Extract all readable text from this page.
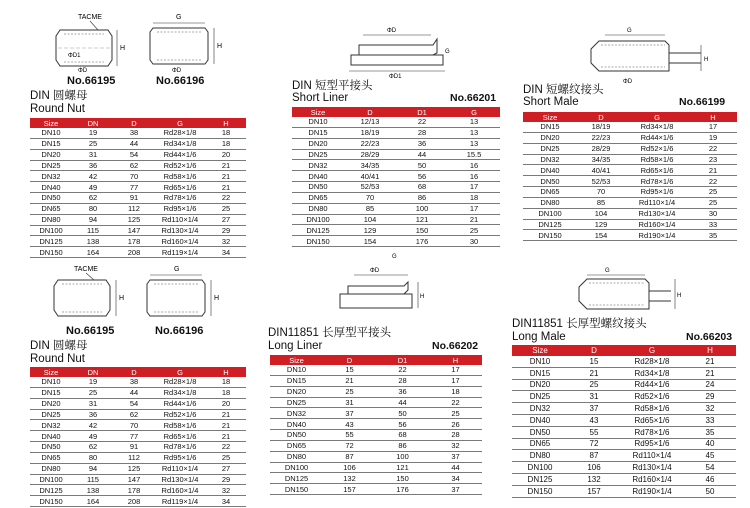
TACME
ΦD1
ΦD
H
G
H
ΦD
No.66195	No.66196
DIN 圆螺母
Round Nut
Size	DN	D	G	H
DN10	19	38	Rd28×1/8	18
DN15	25	44	Rd34×1/8	18
DN20	31	54	Rd44×1/6	20
DN25	36	62	Rd52×1/6	21
DN32	42	70	Rd58×1/6	21
DN40	49	77	Rd65×1/6	21
DN50	62	91	Rd78×1/6	22
DN65	80	112	Rd95×1/6	25
DN80	94	125	Rd110×1/4	27
DN100	115	147	Rd130×1/4	29
DN125	138	178	Rd160×1/4	32
DN150	164	208	Rd119×1/4	34
ΦD
ΦD1
G
DIN 短型平接头
Short Liner	No.66201
Size	D	D1	G
DN10	12/13	22	13
DN15	18/19	28	13
DN20	22/23	36	13
DN25	28/29	44	15.5
DN32	34/35	50	16
DN40	40/41	56	16
DN50	52/53	68	17
DN65	70	86	18
DN80	85	100	17
DN100	104	121	21
DN125	129	150	25
DN150	154	176	30
G
H
ΦD
DIN 短螺纹接头
Short Male	No.66199
Size	D	G	H
DN15	18/19	Rd34×1/8	17
DN20	22/23	Rd44×1/6	19
DN25	28/29	Rd52×1/6	22
DN32	34/35	Rd58×1/6	23
DN40	40/41	Rd65×1/6	21
DN50	52/53	Rd78×1/6	22
DN65	70	Rd95×1/6	25
DN80	85	Rd110×1/4	25
DN100	104	Rd130×1/4	30
DN125	129	Rd160×1/4	33
DN150	154	Rd190×1/4	35
TACME
H
G
H
No.66195	No.66196
DIN 圆螺母
Round Nut
Size	DN	D	G	H
DN10	19	38	Rd28×1/8	18
DN15	25	44	Rd34×1/8	18
DN20	31	54	Rd44×1/6	20
DN25	36	62	Rd52×1/6	21
DN32	42	70	Rd58×1/6	21
DN40	49	77	Rd65×1/6	21
DN50	62	91	Rd78×1/6	22
DN65	80	112	Rd95×1/6	25
DN80	94	125	Rd110×1/4	27
DN100	115	147	Rd130×1/4	29
DN125	138	178	Rd160×1/4	32
DN150	164	208	Rd119×1/4	34
G
ΦD
H
DIN11851 长厚型平接头
Long Liner	No.66202
Size	D	D1	H
DN10	15	22	17
DN15	21	28	17
DN20	25	36	18
DN25	31	44	22
DN32	37	50	25
DN40	43	56	26
DN50	55	68	28
DN65	72	86	32
DN80	87	100	37
DN100	106	121	44
DN125	132	150	34
DN150	157	176	37
G
H
DIN11851 长厚型螺纹接头
Long Male	No.66203
Size	D	G	H
DN10	15	Rd28×1/8	21
DN15	21	Rd34×1/8	21
DN20	25	Rd44×1/6	24
DN25	31	Rd52×1/6	29
DN32	37	Rd58×1/6	32
DN40	43	Rd65×1/6	33
DN50	55	Rd78×1/6	35
DN65	72	Rd95×1/6	40
DN80	87	Rd110×1/4	45
DN100	106	Rd130×1/4	54
DN125	132	Rd160×1/4	46
DN150	157	Rd190×1/4	50
